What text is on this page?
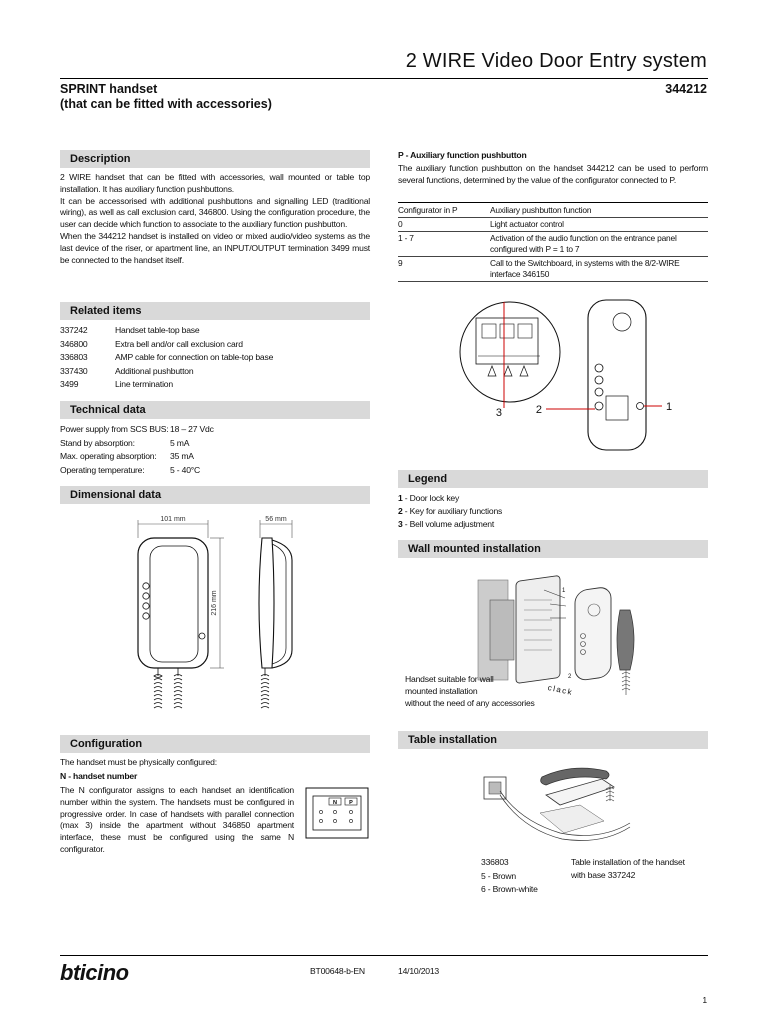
2 WIRE Video Door Entry system
SPRINT handset
(that can be fitted with accessories)
344212
Description
2 WIRE handset that can be fitted with accessories, wall mounted or table top installation. It has auxiliary function pushbuttons.
It can be accessorised with additional pushbuttons and signalling LED (traditional wiring), as well as call exclusion card, 346800. Using the configuration procedure, the user can decide which function to associate to the auxiliary function pushbutton.
When the 344212 handset is installed on video or mixed audio/video systems as the last device of the riser, or apartment line, an INPUT/OUTPUT termination 3499 must be connected to the handset itself.
Related items
337242	Handset table-top base
346800	Extra bell and/or call exclusion card
336803	AMP cable for connection on table-top base
337430	Additional pushbutton
3499	Line termination
Technical data
Power supply from SCS BUS: 18 – 27 Vdc
Stand by absorption:	5 mA
Max. operating absorption:	35 mA
Operating temperature:	5 - 40°C
Dimensional data
101 mm
216 mm
56 mm
Configuration
The handset must be physically configured:
N - handset number
The N configurator assigns to each handset an identification number within the system. The handsets must be configured in progressive order. In case of handsets with parallel connection (max 3) inside the apartment without 346850 apartment interface, these must be configured using the same N configurator.
N P
P - Auxiliary function pushbutton
The auxiliary function pushbutton on the handset 344212 can be used to perform several functions, determined by the value of the configurator connected to P.
Configurator in P	Auxiliary pushbutton function
0	Light actuator control
1 - 7	Activation of the audio function on the entrance panel configured with P = 1 to 7
9	Call to the Switchboard, in systems with the 8/2-WIRE interface 346150
3	2	1
Legend
1 - Door lock key
2 - Key for auxiliary functions
3 - Bell volume adjustment
Wall mounted installation
1
2
clack
Handset suitable for wall
mounted installation
without the need of any accessories
Table installation
336803
5 - Brown
6 - Brown-white
Table installation of the handset
with base 337242
bticino	BT00648-b-EN	14/10/2013
1
